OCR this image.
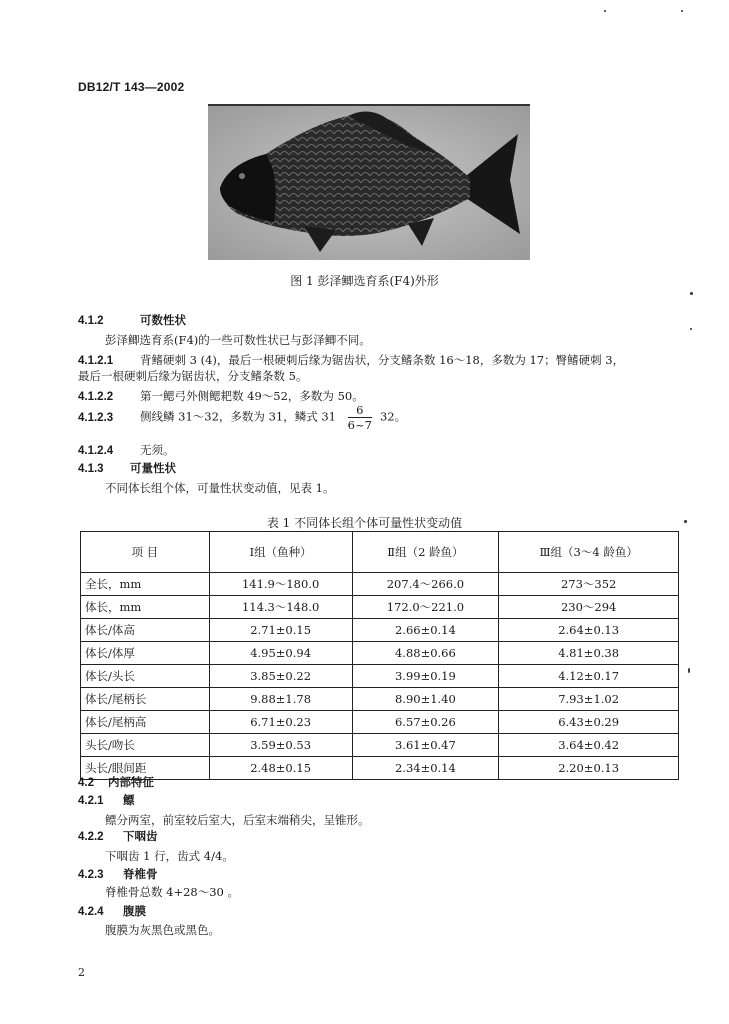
DB12/T 143—2002
图 1 彭泽鲫选育系(F4)外形
4.1.2	可数性状
彭泽鲫选育系(F4)的一些可数性状已与彭泽鲫不同。
4.1.2.1 背鳍硬刺 3 (4)，最后一根硬刺后缘为锯齿状，分支鳍条数 16～18，多数为 17；臀鳍硬刺 3，
最后一根硬刺后缘为锯齿状，分支鳍条数 5。
4.1.2.2 第一鳃弓外侧鳃耙数 49～52，多数为 50。
4.1.2.3 侧线鳞 31～32，多数为 31，鳞式 $31 \frac{6}{6\sim 7} 32$。
4.1.2.4 无须。
4.1.3 可量性状
不同体长组个体，可量性状变动值，见表 1。
表 1 不同体长组个体可量性状变动值
项 目	Ⅰ组（鱼种）	Ⅱ组（2 龄鱼）	Ⅲ组（3～4 龄鱼）
全长，mm	141.9～180.0	207.4～266.0	273～352
体长，mm	114.3～148.0	172.0～221.0	230～294
体长/体高	2.71±0.15	2.66±0.14	2.64±0.13
体长/体厚	4.95±0.94	4.88±0.66	4.81±0.38
体长/头长	3.85±0.22	3.99±0.19	4.12±0.17
体长/尾柄长	9.88±1.78	8.90±1.40	7.93±1.02
体长/尾柄高	6.71±0.23	6.57±0.26	6.43±0.29
头长/吻长	3.59±0.53	3.61±0.47	3.64±0.42
头长/眼间距	2.48±0.15	2.34±0.14	2.20±0.13
4.2 内部特征
4.2.1 鳔
鳔分两室，前室较后室大，后室末端稍尖，呈锥形。
4.2.2 下咽齿
下咽齿 1 行，齿式 4/4。
4.2.3 脊椎骨
脊椎骨总数 4+28～30 。
4.2.4 腹膜
腹膜为灰黑色或黑色。
2
